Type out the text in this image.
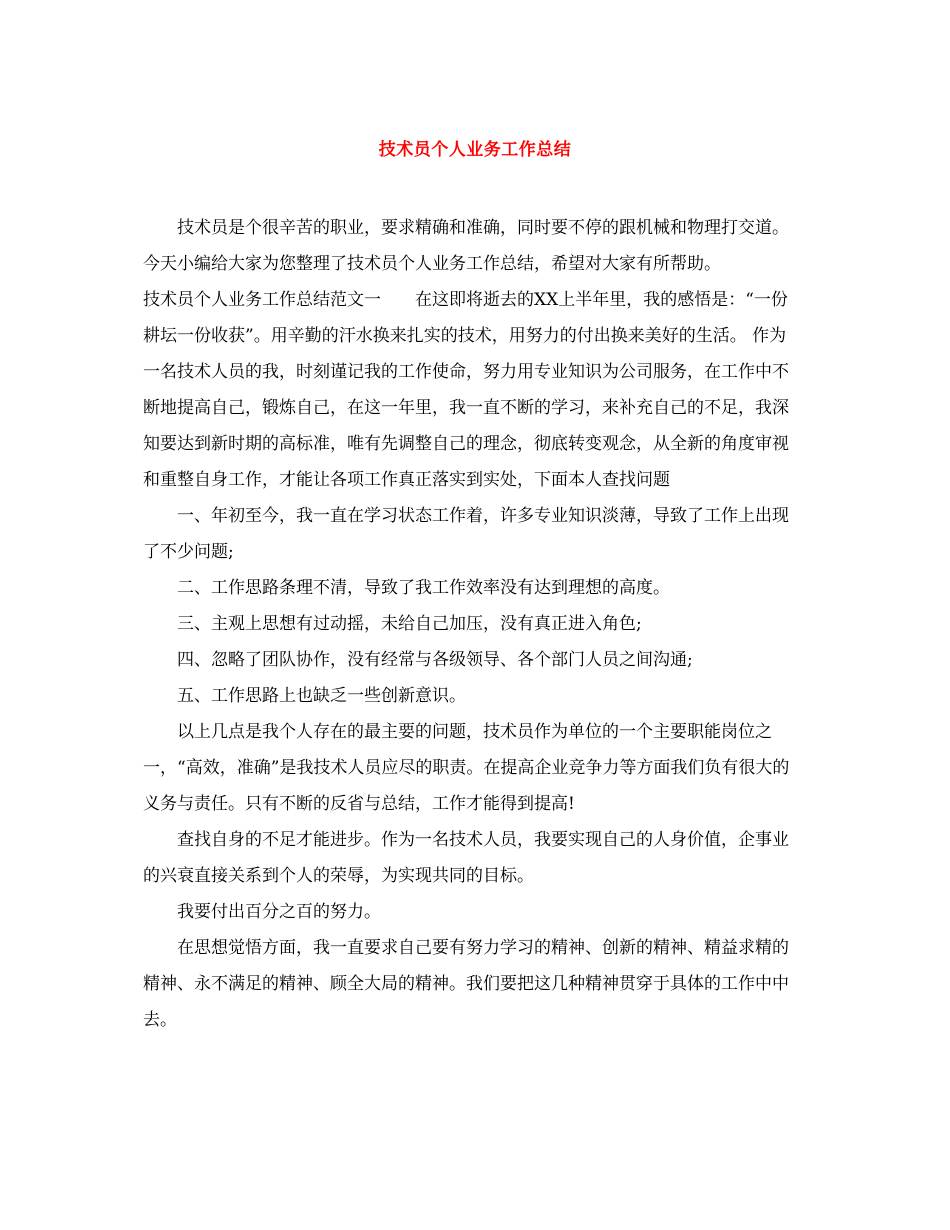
技术员个人业务工作总结

技术员是个很辛苦的职业，要求精确和准确，同时要不停的跟机械和物理打交道。今天小编给大家为您整理了技术员个人业务工作总结，希望对大家有所帮助。

技术员个人业务工作总结范文一　　在这即将逝去的XX上半年里，我的感悟是：“一份耕坛一份收获”。用辛勤的汗水换来扎实的技术，用努力的付出换来美好的生活。 作为一名技术人员的我，时刻谨记我的工作使命，努力用专业知识为公司服务，在工作中不断地提高自己，锻炼自己，在这一年里，我一直不断的学习，来补充自己的不足，我深知要达到新时期的高标准，唯有先调整自己的理念，彻底转变观念，从全新的角度审视和重整自身工作，才能让各项工作真正落实到实处，下面本人查找问题

一、年初至今，我一直在学习状态工作着，许多专业知识淡薄，导致了工作上出现了不少问题;

二、工作思路条理不清，导致了我工作效率没有达到理想的高度。

三、主观上思想有过动摇，未给自己加压，没有真正进入角色;

四、忽略了团队协作，没有经常与各级领导、各个部门人员之间沟通;

五、工作思路上也缺乏一些创新意识。

以上几点是我个人存在的最主要的问题，技术员作为单位的一个主要职能岗位之一，“高效，准确”是我技术人员应尽的职责。在提高企业竞争力等方面我们负有很大的义务与责任。只有不断的反省与总结，工作才能得到提高!

查找自身的不足才能进步。作为一名技术人员，我要实现自己的人身价值，企事业的兴衰直接关系到个人的荣辱，为实现共同的目标。

我要付出百分之百的努力。

在思想觉悟方面，我一直要求自己要有努力学习的精神、创新的精神、精益求精的精神、永不满足的精神、顾全大局的精神。我们要把这几种精神贯穿于具体的工作中中去。
